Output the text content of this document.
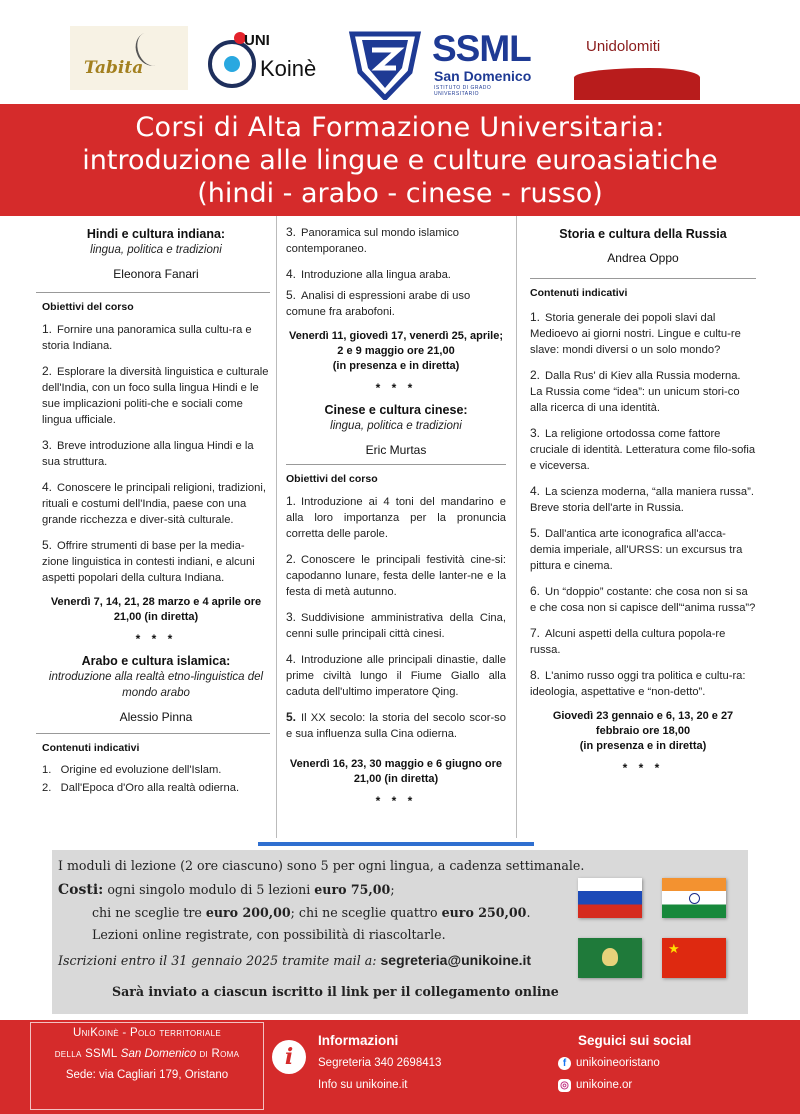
Tabita
UNI
Koinè	SSML
San Domenico
ISTITUTO DI GRADO UNIVERSITARIO
Unidolomiti
Corsi di Alta Formazione Universitaria:
introduzione alle lingue e culture euroasiatiche
(hindi - arabo - cinese - russo)
Hindi e cultura indiana:
lingua, politica e tradizioni
Eleonora Fanari
Obiettivi del corso
1. Fornire una panoramica sulla cultu-ra e storia Indiana.
2. Esplorare la diversità linguistica e culturale dell'India, con un foco sulla lingua Hindi e le sue implicazioni politi-che e sociali come lingua ufficiale.
3. Breve introduzione alla lingua Hindi e la sua struttura.
4. Conoscere le principali religioni, tradizioni, rituali e costumi dell'India, paese con una grande ricchezza e diver-sità culturale.
5. Offrire strumenti di base per la media-zione linguistica in contesti indiani, e alcuni aspetti popolari della cultura Indiana.
Venerdì 7, 14, 21, 28 marzo e 4 aprile ore 21,00 (in diretta)
* * *
Arabo e cultura islamica:
introduzione alla realtà etno-linguistica del mondo arabo
Alessio Pinna
Contenuti indicativi
1. Origine ed evoluzione dell'Islam.
2. Dall'Epoca d'Oro alla realtà odierna.
3. Panoramica sul mondo islamico contemporaneo.
4. Introduzione alla lingua araba.
5. Analisi di espressioni arabe di uso comune fra arabofoni.
Venerdì 11, giovedì 17, venerdì 25, aprile; 2 e 9 maggio ore 21,00
(in presenza e in diretta)
* * *
Cinese e cultura cinese:
lingua, politica e tradizioni
Eric Murtas
Obiettivi del corso
1. Introduzione ai 4 toni del mandarino e alla loro importanza per la pronuncia corretta delle parole.
2. Conoscere le principali festività cine-si: capodanno lunare, festa delle lanter-ne e la festa di metà autunno.
3. Suddivisione amministrativa della Cina, cenni sulle principali città cinesi.
4. Introduzione alle principali dinastie, dalle prime civiltà lungo il Fiume Giallo alla caduta dell'ultimo imperatore Qing.
5. Il XX secolo: la storia del secolo scor-so e sua influenza sulla Cina odierna.
Venerdì 16, 23, 30 maggio e 6 giugno ore 21,00 (in diretta)
* * *
Storia e cultura della Russia
Andrea Oppo
Contenuti indicativi
1. Storia generale dei popoli slavi dal Medioevo ai giorni nostri. Lingue e cultu-re slave: mondi diversi o un solo mondo?
2. Dalla Rus' di Kiev alla Russia moderna. La Russia come “idea”: un unicum stori-co alla ricerca di una identità.
3. La religione ortodossa come fattore cruciale di identità. Letteratura come filo-sofia e viceversa.
4. La scienza moderna, “alla maniera russa”. Breve storia dell'arte in Russia.
5. Dall'antica arte iconografica all'acca-demia imperiale, all'URSS: un excursus tra pittura e cinema.
6. Un “doppio” costante: che cosa non si sa e che cosa non si capisce dell'“anima russa”?
7. Alcuni aspetti della cultura popola-re russa.
8. L'animo russo oggi tra politica e cultu-ra: ideologia, aspettative e “non-detto”.
Giovedì 23 gennaio e 6, 13, 20 e 27 febbraio ore 18,00
(in presenza e in diretta)
* * *
I moduli di lezione (2 ore ciascuno) sono 5 per ogni lingua, a cadenza settimanale.
Costi: ogni singolo modulo di 5 lezioni euro 75,00;
chi ne sceglie tre euro 200,00; chi ne sceglie quattro euro 250,00.
Lezioni online registrate, con possibilità di riascoltarle.
Iscrizioni entro il 31 gennaio 2025 tramite mail a: segreteria@unikoine.it
Sarà inviato a ciascun iscritto il link per il collegamento online
★
UniKoinè - Polo territoriale
della SSML San Domenico di Roma
Sede: via Cagliari 179, Oristano
i
Informazioni
Segreteria 340 2698413
Info su unikoine.it
Seguici sui social
f unikoineoristano
◎ unikoine.or
